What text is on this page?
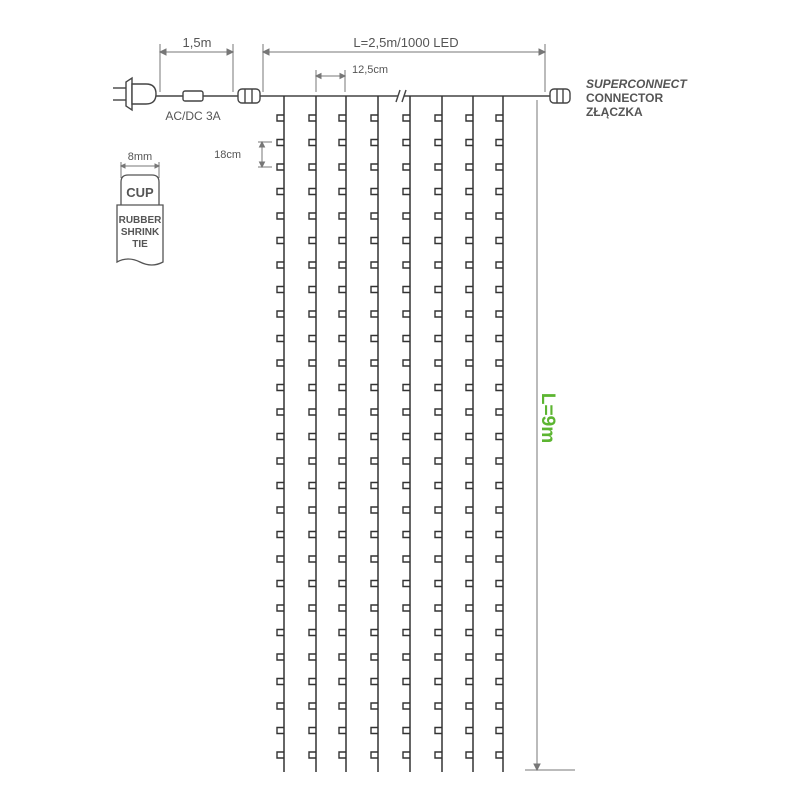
1,5m	L=2,5m/1000 LED
12,5cm
AC/DC 3A
SUPERCONNECT
CONNECTOR
ZŁĄCZKA
18cm
8mm
CUP
RUBBER
SHRINK
TIE
L=9m
